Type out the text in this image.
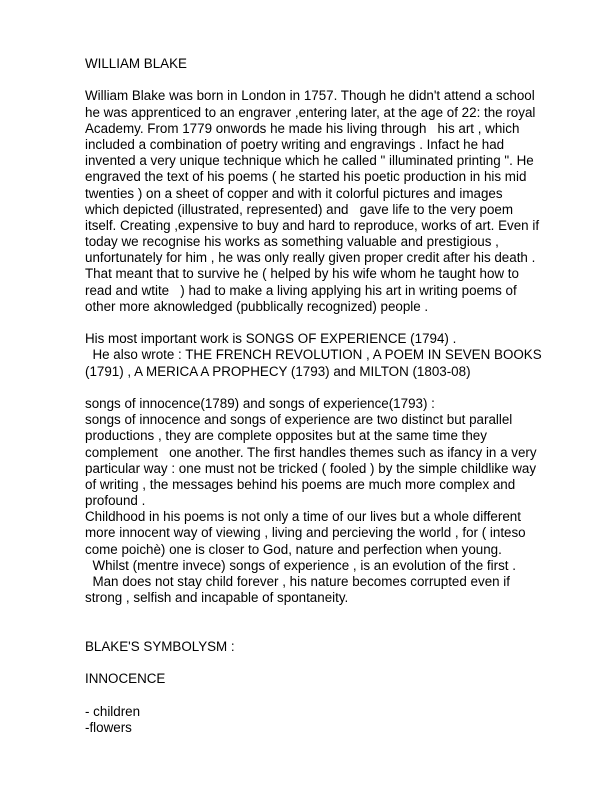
WILLIAM BLAKE
William Blake was born in London in 1757. Though he didn't attend a school
he was apprenticed to an engraver ,entering later, at the age of 22: the royal
Academy. From 1779 onwords he made his living through   his art , which
included a combination of poetry writing and engravings . Infact he had
invented a very unique technique which he called " illuminated printing ". He
engraved the text of his poems ( he started his poetic production in his mid
twenties ) on a sheet of copper and with it colorful pictures and images
which depicted (illustrated, represented) and   gave life to the very poem
itself. Creating ,expensive to buy and hard to reproduce, works of art. Even if
today we recognise his works as something valuable and prestigious ,
unfortunately for him , he was only really given proper credit after his death .
That meant that to survive he ( helped by his wife whom he taught how to
read and wtite   ) had to make a living applying his art in writing poems of
other more aknowledged (pubblically recognized) people .
His most important work is SONGS OF EXPERIENCE (1794) .
He also wrote : THE FRENCH REVOLUTION , A POEM IN SEVEN BOOKS
(1791) , A MERICA A PROPHECY (1793) and MILTON (1803-08)
songs of innocence(1789) and songs of experience(1793) :
songs of innocence and songs of experience are two distinct but parallel
productions , they are complete opposites but at the same time they
complement   one another. The first handles themes such as ifancy in a very
particular way : one must not be tricked ( fooled ) by the simple childlike way
of writing , the messages behind his poems are much more complex and
profound .
Childhood in his poems is not only a time of our lives but a whole different
more innocent way of viewing , living and percieving the world , for ( inteso
come poichè) one is closer to God, nature and perfection when young.
Whilst (mentre invece) songs of experience , is an evolution of the first .
Man does not stay child forever , his nature becomes corrupted even if
strong , selfish and incapable of spontaneity.
BLAKE'S SYMBOLYSM :
INNOCENCE
- children
-flowers
